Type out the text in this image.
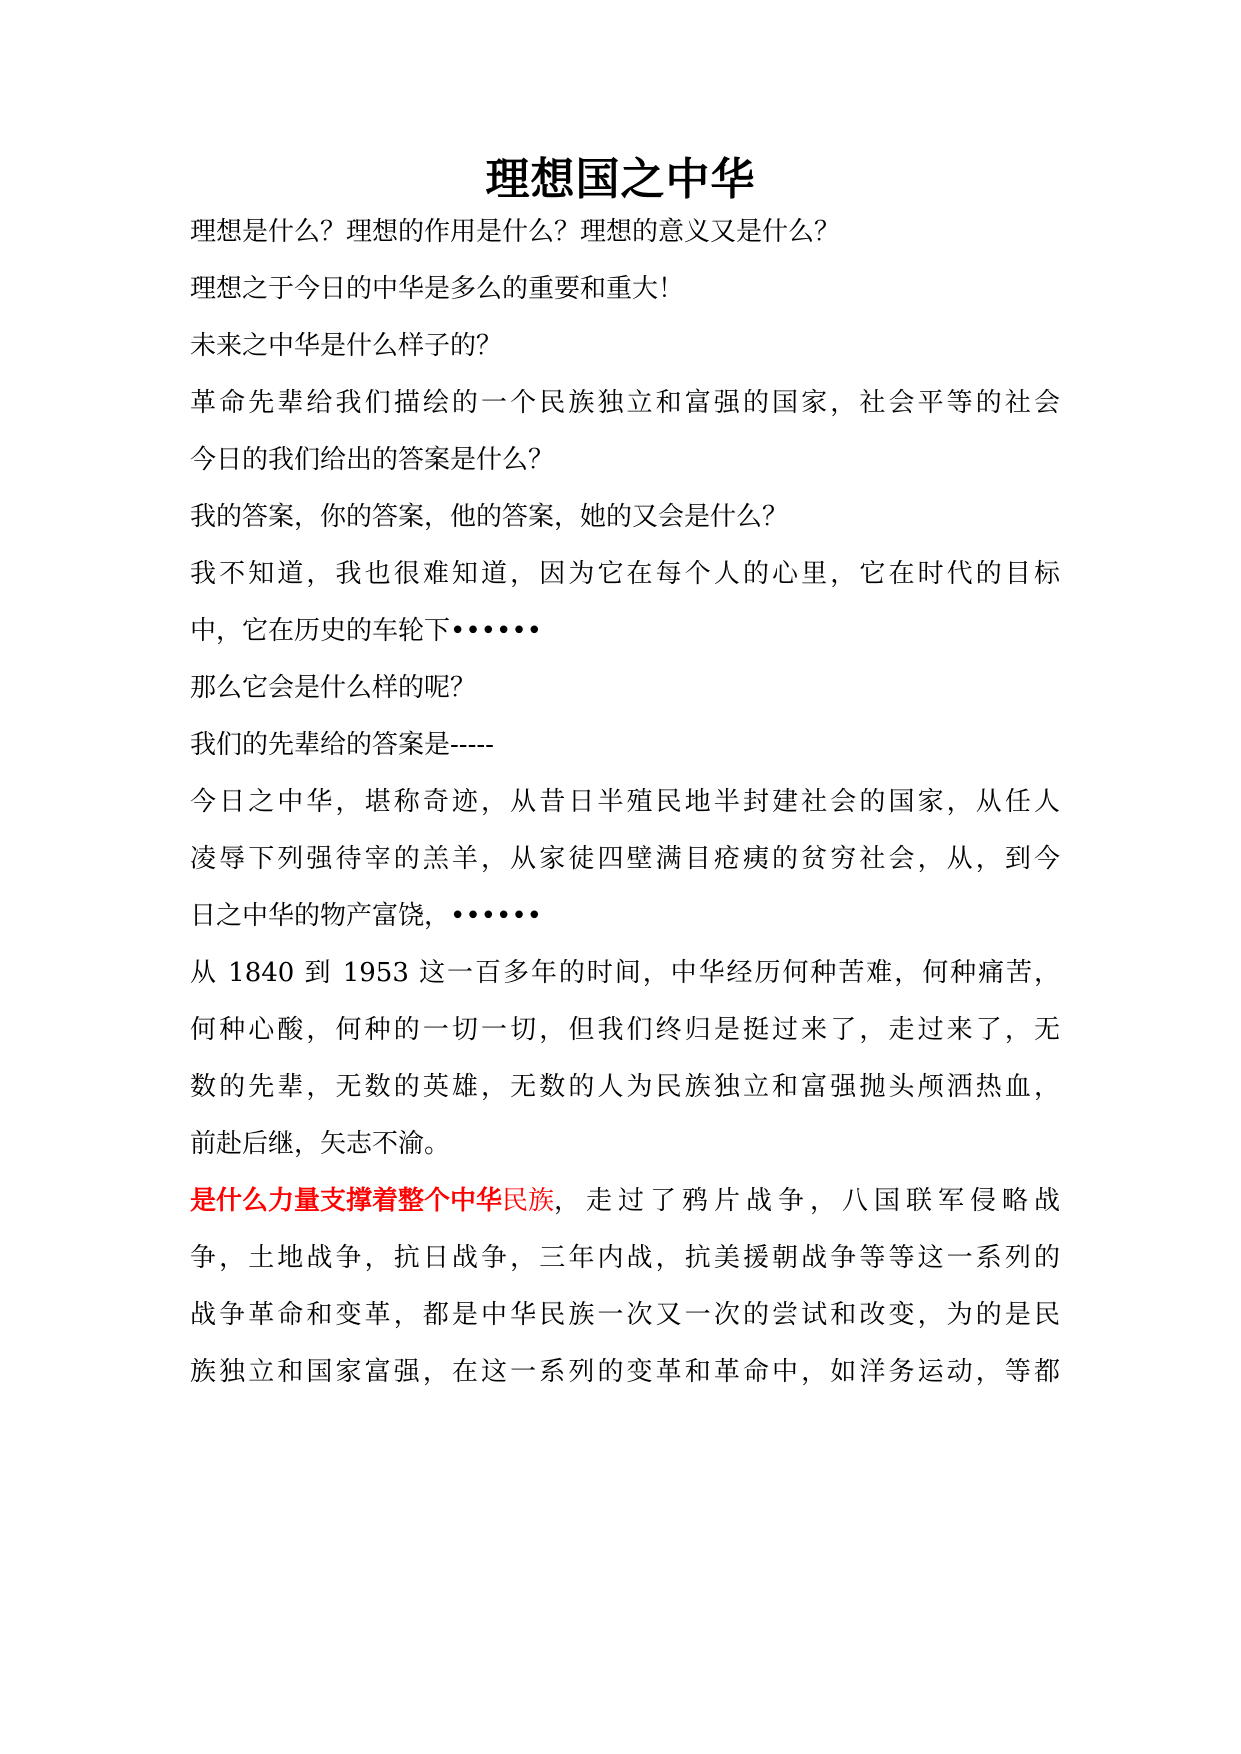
理想国之中华
理想是什么？理想的作用是什么？理想的意义又是什么？
理想之于今日的中华是多么的重要和重大！
未来之中华是什么样子的？
革命先辈给我们描绘的一个民族独立和富强的国家，社会平等的社会
今日的我们给出的答案是什么？
我的答案，你的答案，他的答案，她的又会是什么？
我不知道，我也很难知道，因为它在每个人的心里，它在时代的目标
中，它在历史的车轮下••••••
那么它会是什么样的呢？
我们的先辈给的答案是-----
今日之中华，堪称奇迹，从昔日半殖民地半封建社会的国家，从任人
凌辱下列强待宰的羔羊，从家徒四壁满目疮痍的贫穷社会，从，到今
日之中华的物产富饶，••••••
从 1840 到 1953 这一百多年的时间，中华经历何种苦难，何种痛苦，
何种心酸，何种的一切一切，但我们终归是挺过来了，走过来了，无
数的先辈，无数的英雄，无数的人为民族独立和富强抛头颅洒热血，
前赴后继，矢志不渝。
是什么力量支撑着整个中华民族 ，走过了鸦片战争，八国联军侵略战
争，土地战争，抗日战争，三年内战，抗美援朝战争等等这一系列的
战争革命和变革，都是中华民族一次又一次的尝试和改变，为的是民
族独立和国家富强，在这一系列的变革和革命中，如洋务运动，等都
